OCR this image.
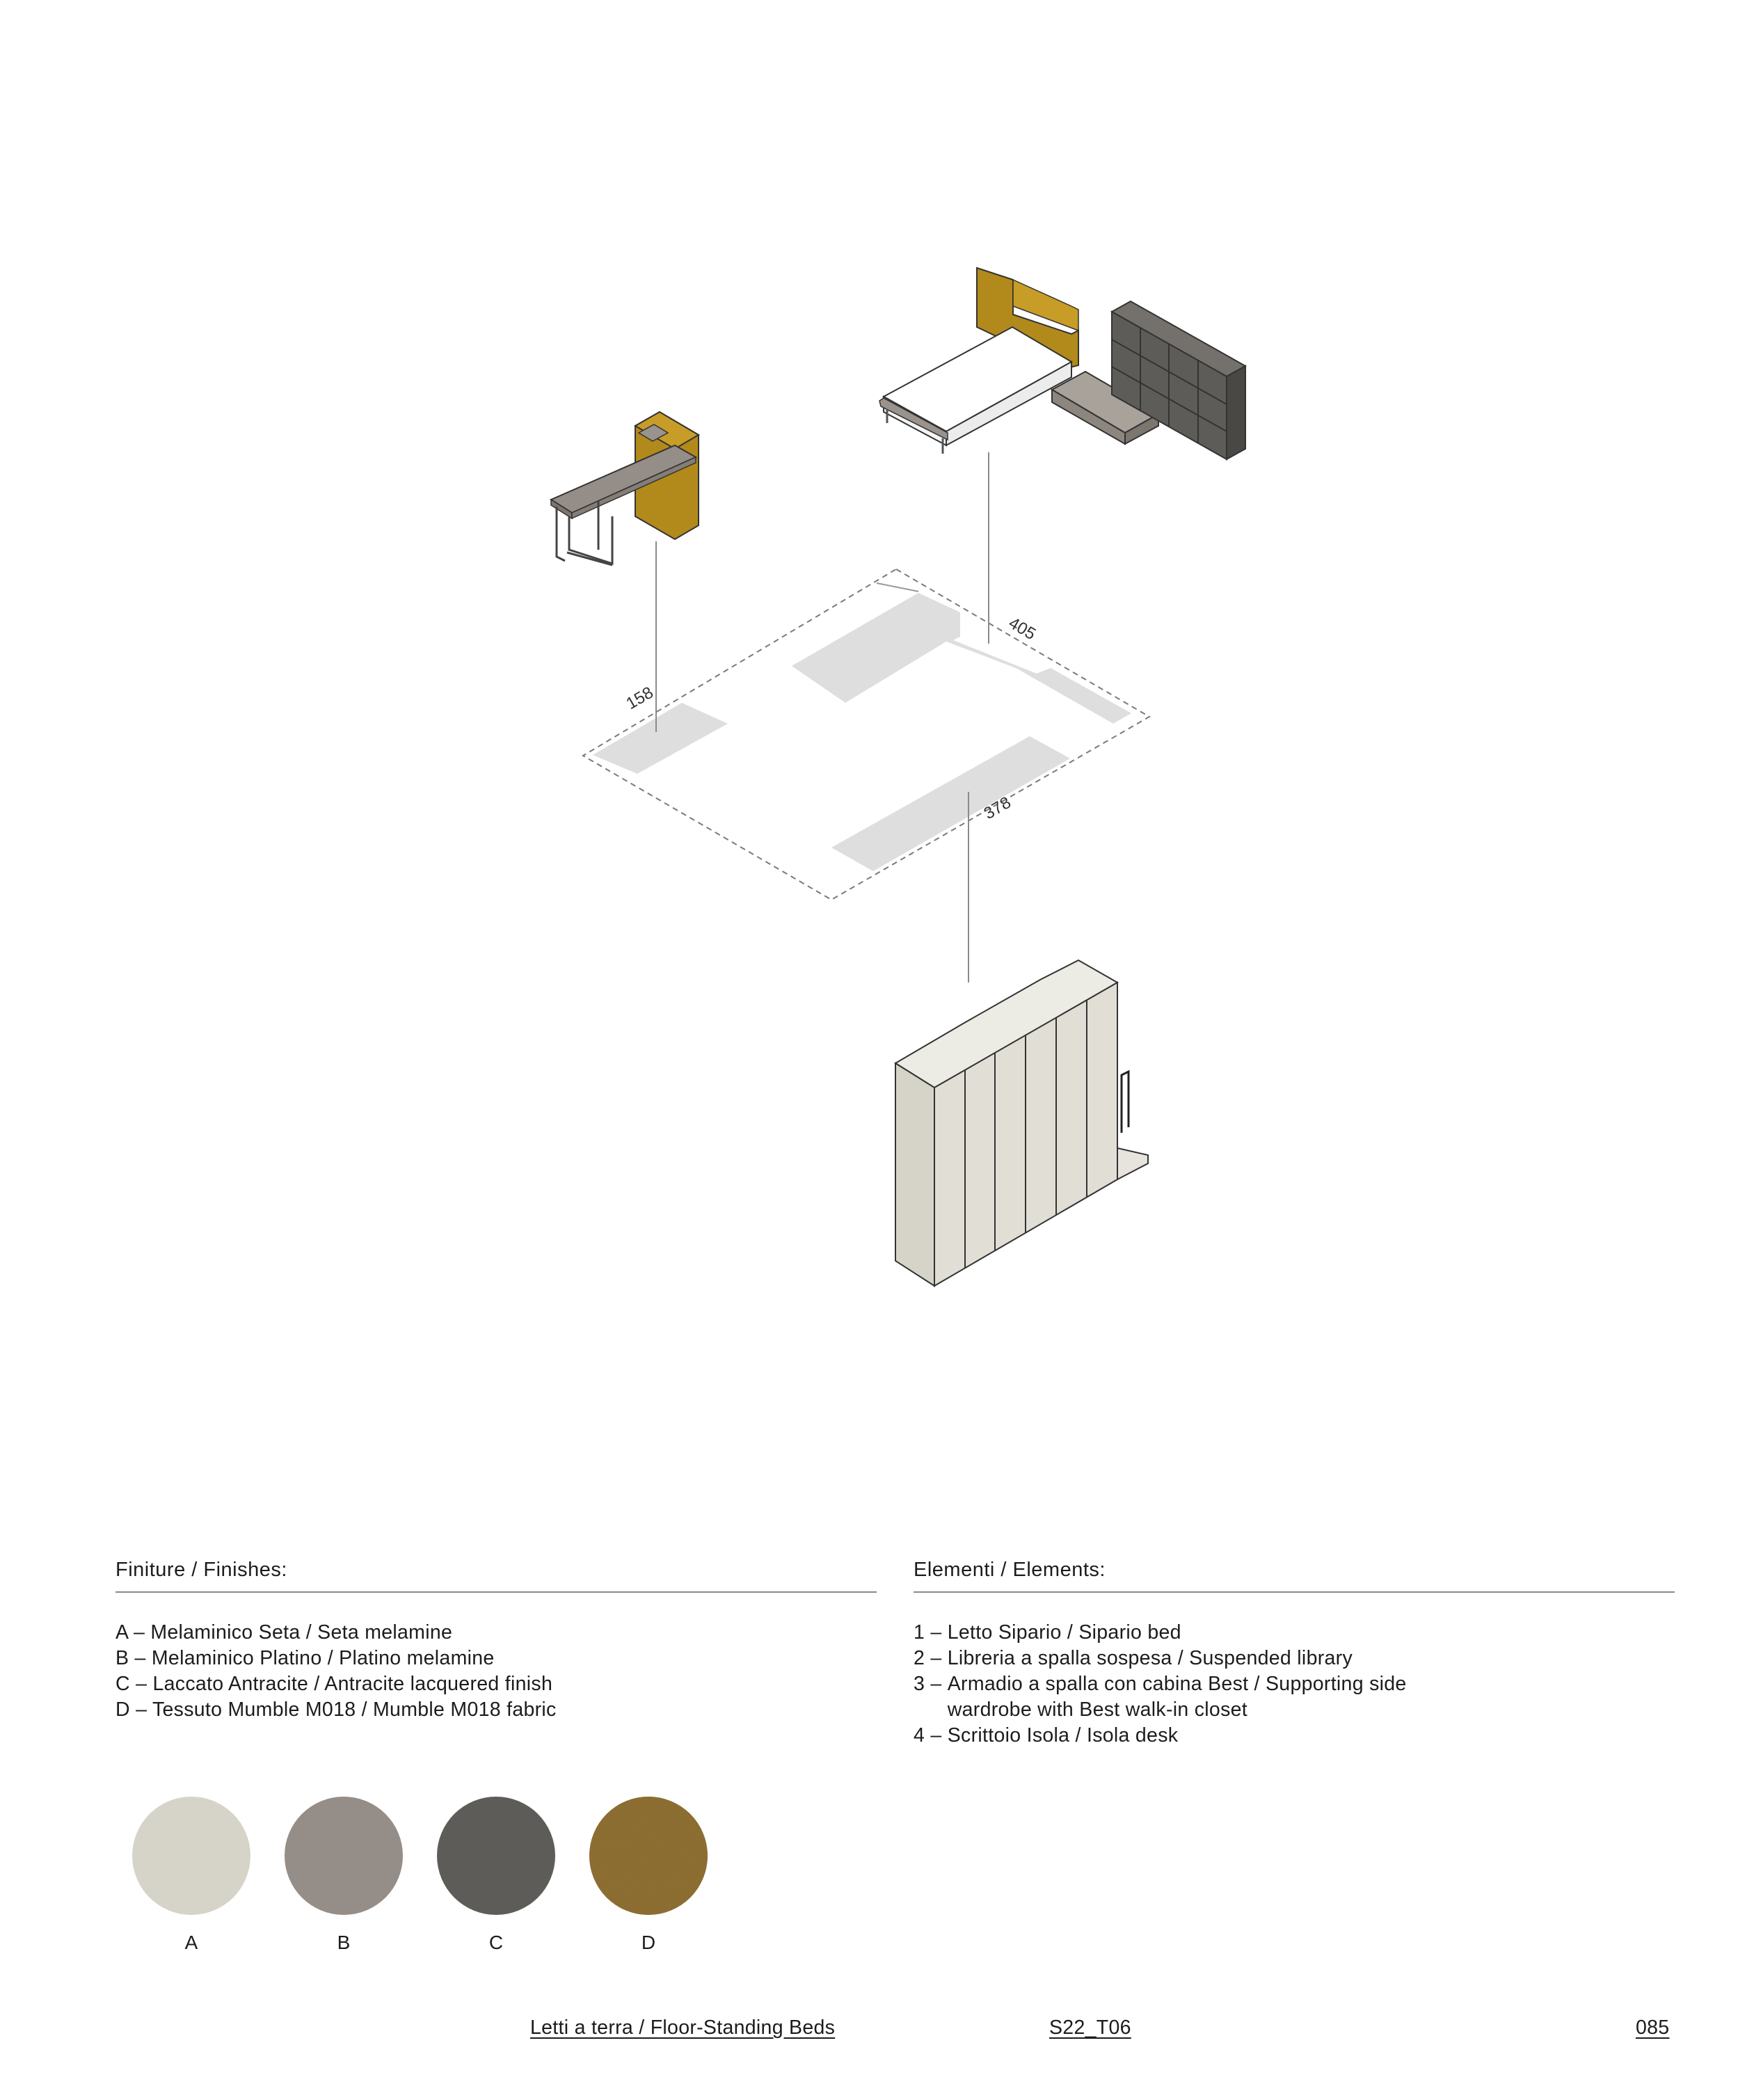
158
405
378
Finiture / Finishes:
A – Melaminico Seta / Seta melamine
B – Melaminico Platino / Platino melamine
C – Laccato Antracite / Antracite lacquered finish
D – Tessuto Mumble M018 / Mumble M018 fabric
Elementi / Elements:
1 – Letto Sipario / Sipario bed
2 – Libreria a spalla sospesa / Suspended library
3 – Armadio a spalla con cabina Best / Supporting side wardrobe with Best walk-in closet
4 – Scrittoio Isola / Isola desk
A	B	C	D
Letti a terra / Floor-Standing Beds	S22_T06	085
